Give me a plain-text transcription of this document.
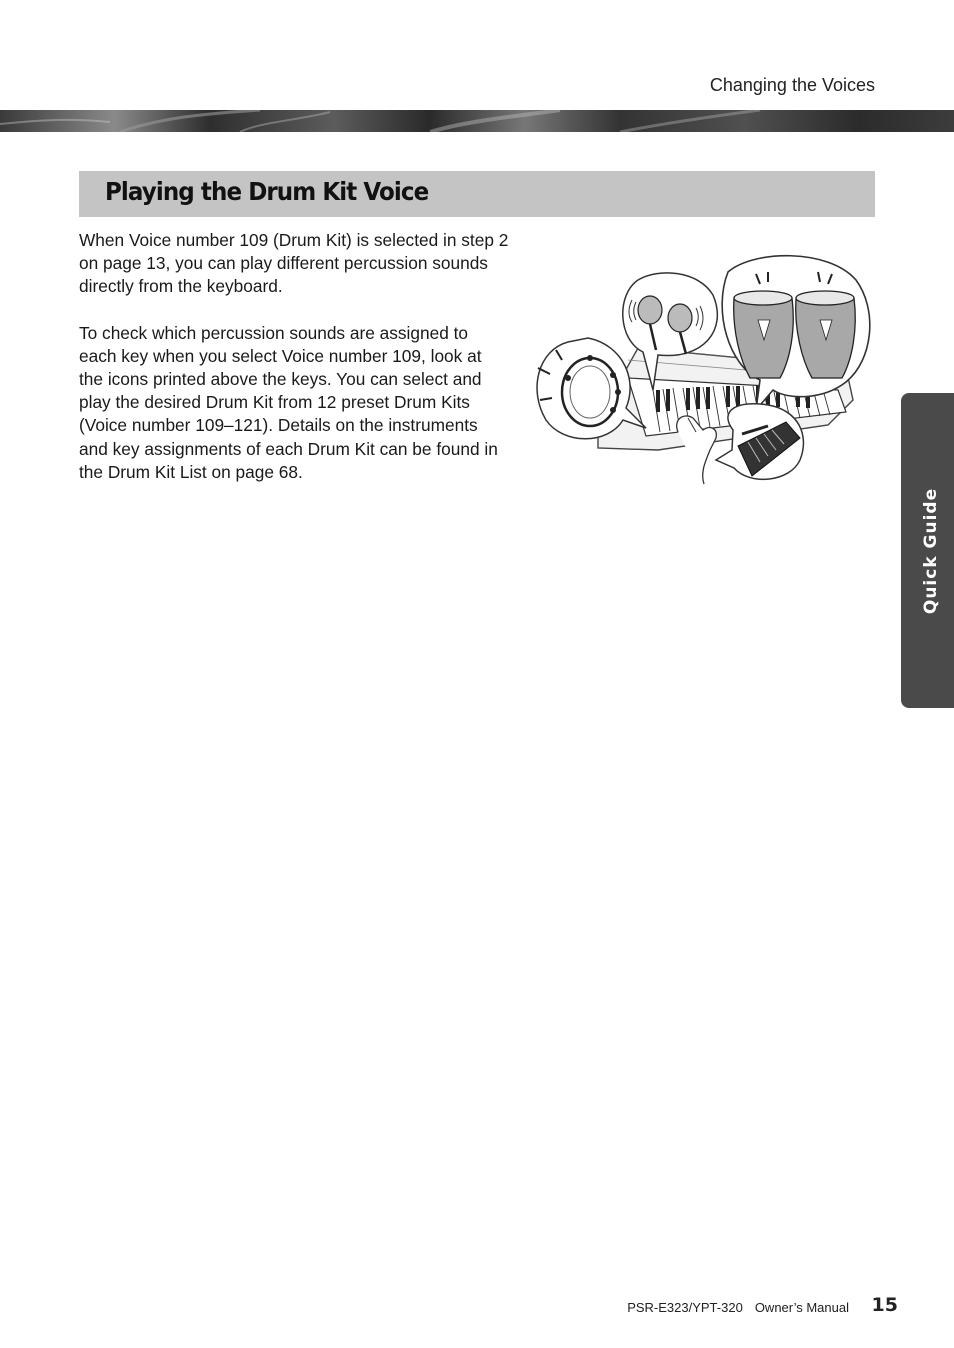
Changing the Voices
Playing the Drum Kit Voice

When Voice number 109 (Drum Kit) is selected in step 2 on page 13, you can play different percussion sounds directly from the keyboard.

To check which percussion sounds are assigned to each key when you select Voice number 109, look at the icons printed above the keys. You can select and play the desired Drum Kit from 12 preset Drum Kits (Voice number 109–121). Details on the instruments and key assignments of each Drum Kit can be found in the Drum Kit List on page 68.

Quick Guide
PSR-E323/YPT-320 Owner’s Manual 15
